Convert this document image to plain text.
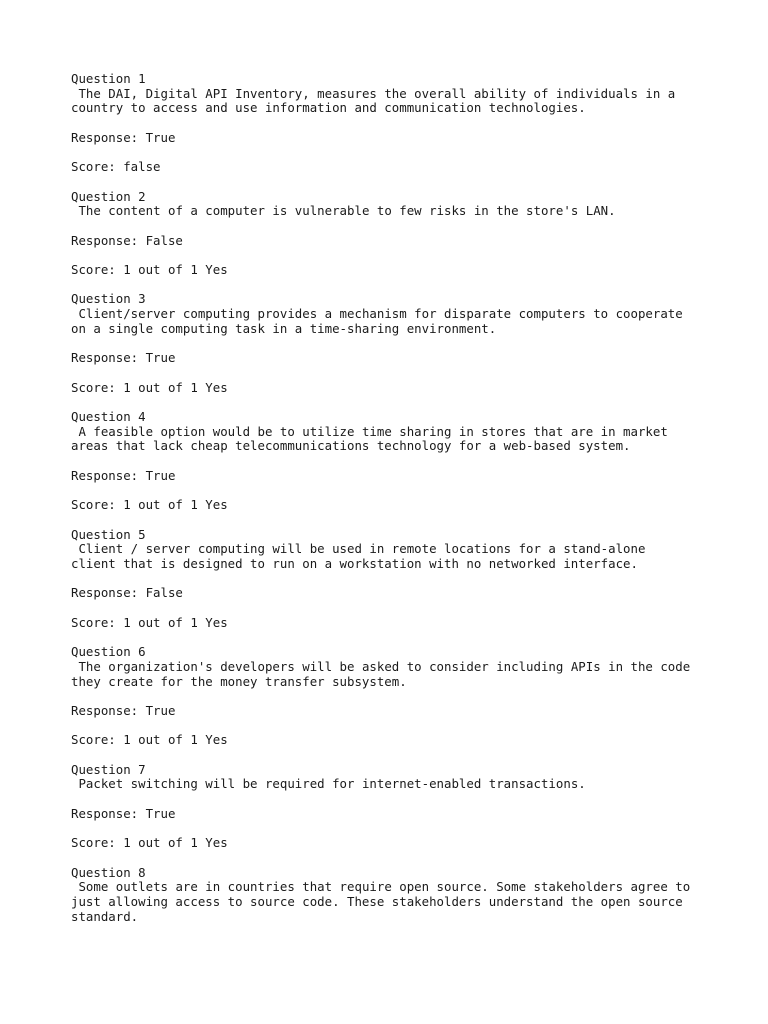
Question 1
The DAI, Digital API Inventory, measures the overall ability of individuals in a
country to access and use information and communication technologies.
Response: True
Score: false
Question 2
The content of a computer is vulnerable to few risks in the store's LAN.
Response: False
Score: 1 out of 1 Yes
Question 3
Client/server computing provides a mechanism for disparate computers to cooperate
on a single computing task in a time-sharing environment.
Response: True
Score: 1 out of 1 Yes
Question 4
A feasible option would be to utilize time sharing in stores that are in market
areas that lack cheap telecommunications technology for a web-based system.
Response: True
Score: 1 out of 1 Yes
Question 5
Client / server computing will be used in remote locations for a stand-alone
client that is designed to run on a workstation with no networked interface.
Response: False
Score: 1 out of 1 Yes
Question 6
The organization's developers will be asked to consider including APIs in the code
they create for the money transfer subsystem.
Response: True
Score: 1 out of 1 Yes
Question 7
Packet switching will be required for internet-enabled transactions.
Response: True
Score: 1 out of 1 Yes
Question 8
Some outlets are in countries that require open source. Some stakeholders agree to
just allowing access to source code. These stakeholders understand the open source
standard.
